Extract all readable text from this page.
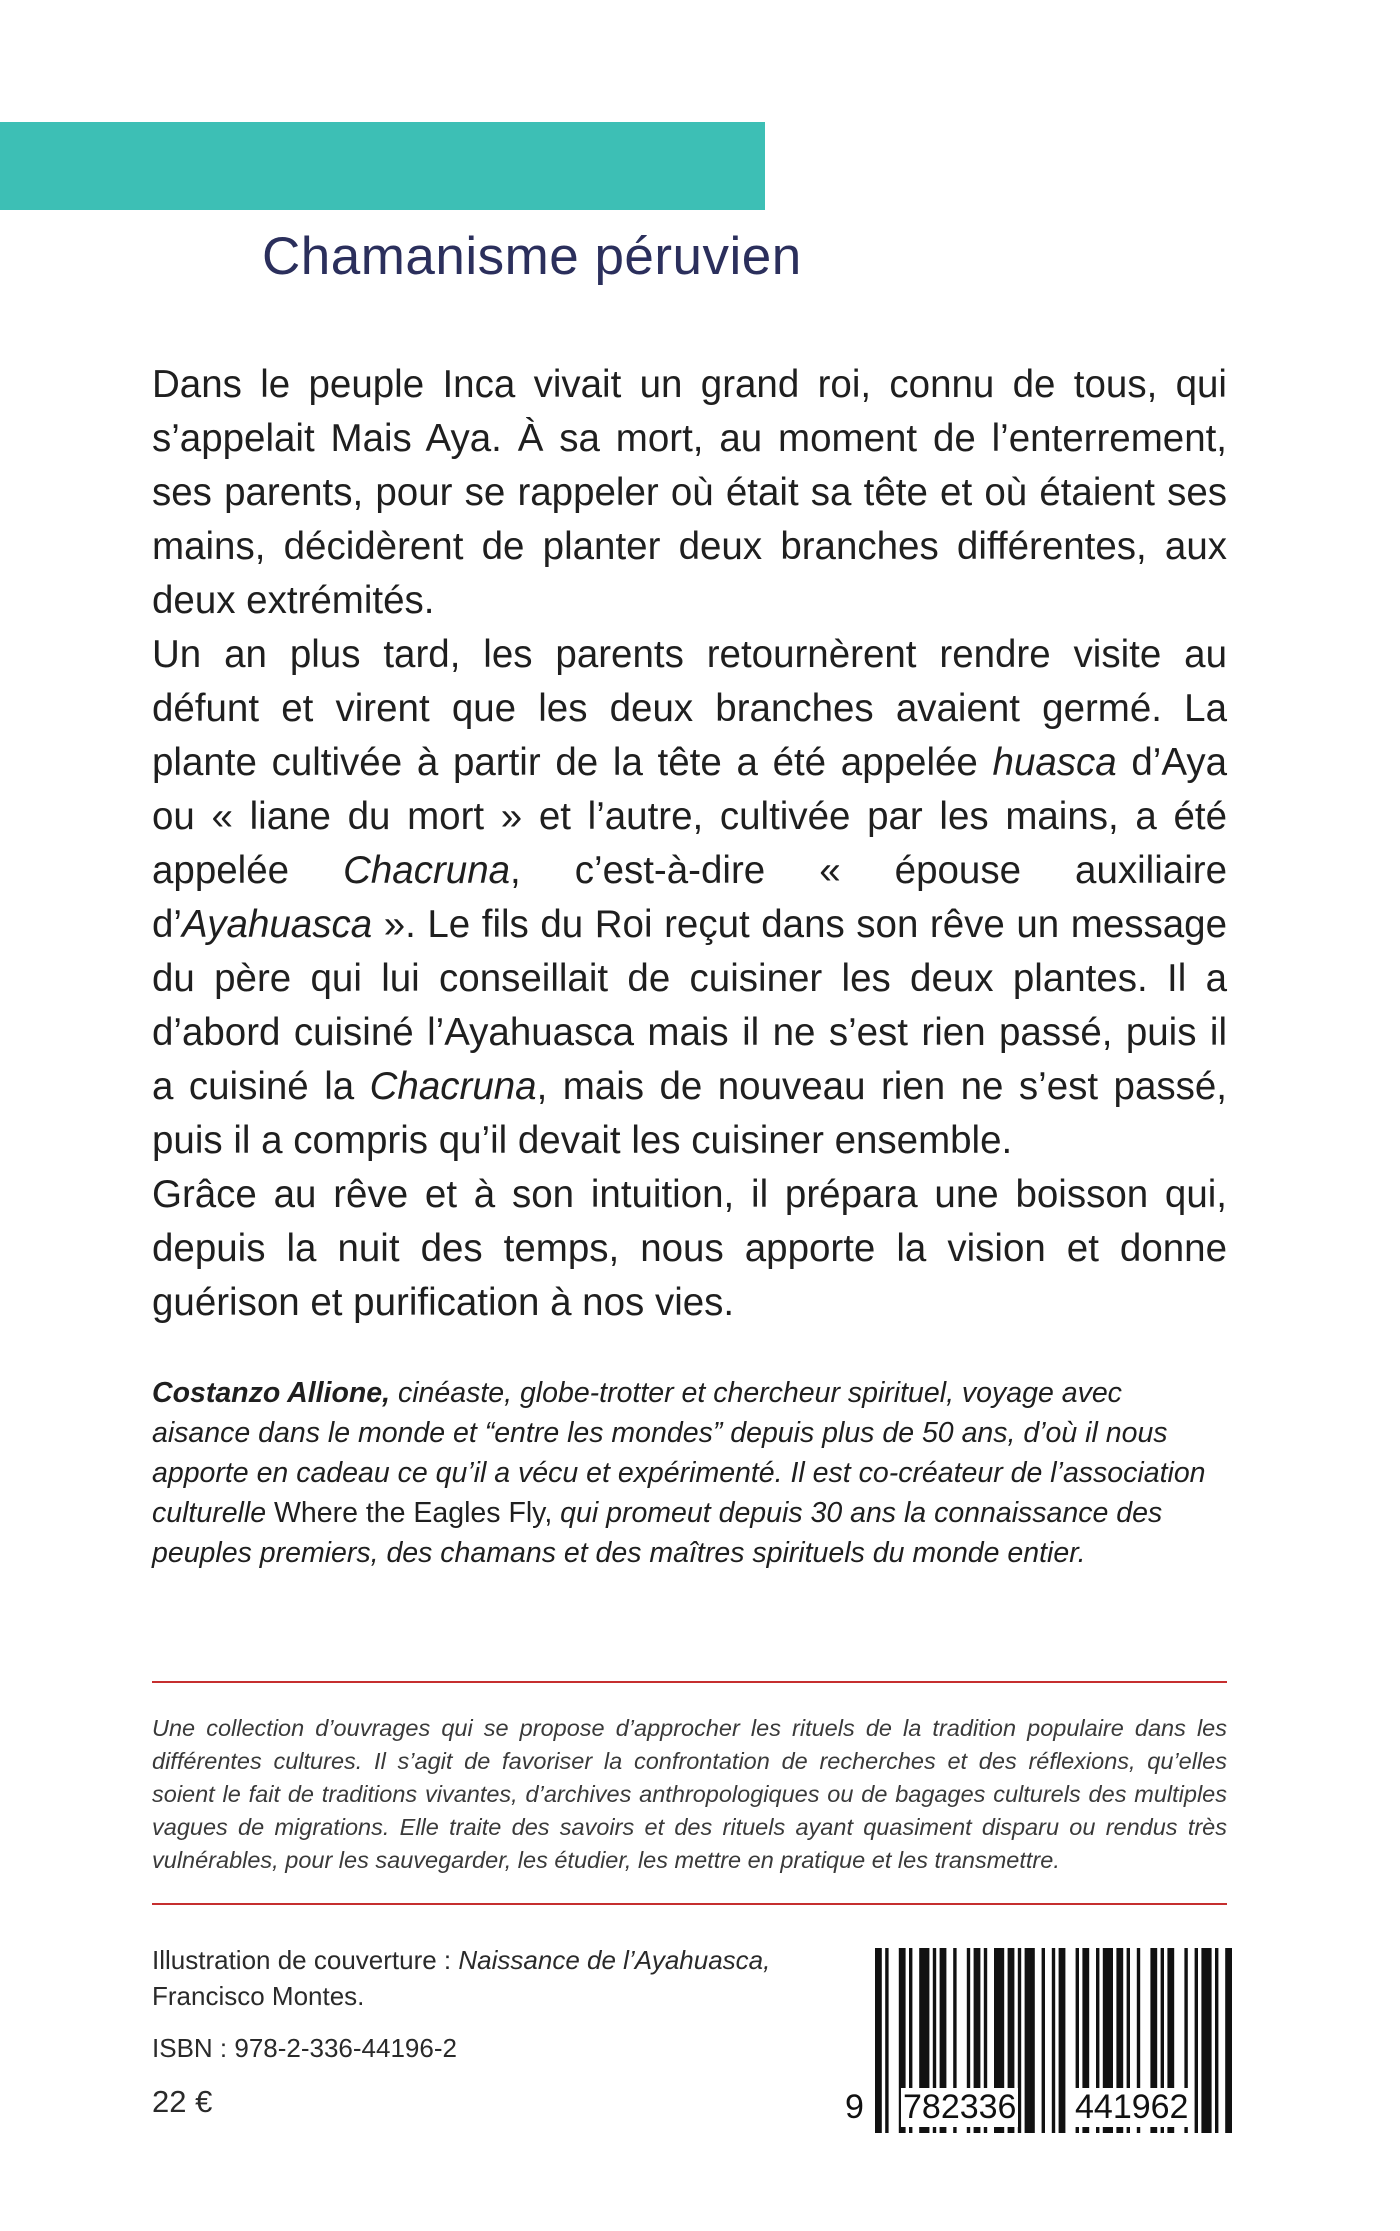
Chamanisme péruvien

Dans le peuple Inca vivait un grand roi, connu de tous, qui s’appelait Mais Aya. À sa mort, au moment de l’enterrement, ses parents, pour se rappeler où était sa tête et où étaient ses mains, décidèrent de planter deux branches différentes, aux deux extrémités.

Un an plus tard, les parents retournèrent rendre visite au défunt et virent que les deux branches avaient germé. La plante cultivée à partir de la tête a été appelée huasca d’Aya ou « liane du mort » et l’autre, cultivée par les mains, a été appelée Chacruna, c’est-à-dire « épouse auxiliaire d’Ayahuasca ». Le fils du Roi reçut dans son rêve un message du père qui lui conseillait de cuisiner les deux plantes. Il a d’abord cuisiné l’Ayahuasca mais il ne s’est rien passé, puis il a cuisiné la Chacruna, mais de nouveau rien ne s’est passé, puis il a compris qu’il devait les cuisiner ensemble.

Grâce au rêve et à son intuition, il prépara une boisson qui, depuis la nuit des temps, nous apporte la vision et donne guérison et purification à nos vies.

Costanzo Allione, cinéaste, globe-trotter et chercheur spirituel, voyage avec aisance dans le monde et “entre les mondes” depuis plus de 50 ans, d’où il nous apporte en cadeau ce qu’il a vécu et expérimenté. Il est co-créateur de l’association culturelle Where the Eagles Fly, qui promeut depuis 30 ans la connaissance des peuples premiers, des chamans et des maîtres spirituels du monde entier.
Une collection d’ouvrages qui se propose d’approcher les rituels de la tradition populaire dans les différentes cultures. Il s’agit de favoriser la confrontation de recherches et des réflexions, qu’elles soient le fait de traditions vivantes, d’archives anthropologiques ou de bagages culturels des multiples vagues de migrations. Elle traite des savoirs et des rituels ayant quasiment disparu ou rendus très vulnérables, pour les sauvegarder, les étudier, les mettre en pratique et les transmettre.
Illustration de couverture : Naissance de l’Ayahuasca,
Francisco Montes.
ISBN : 978-2-336-44196-2
22 €	9 782336 441962
